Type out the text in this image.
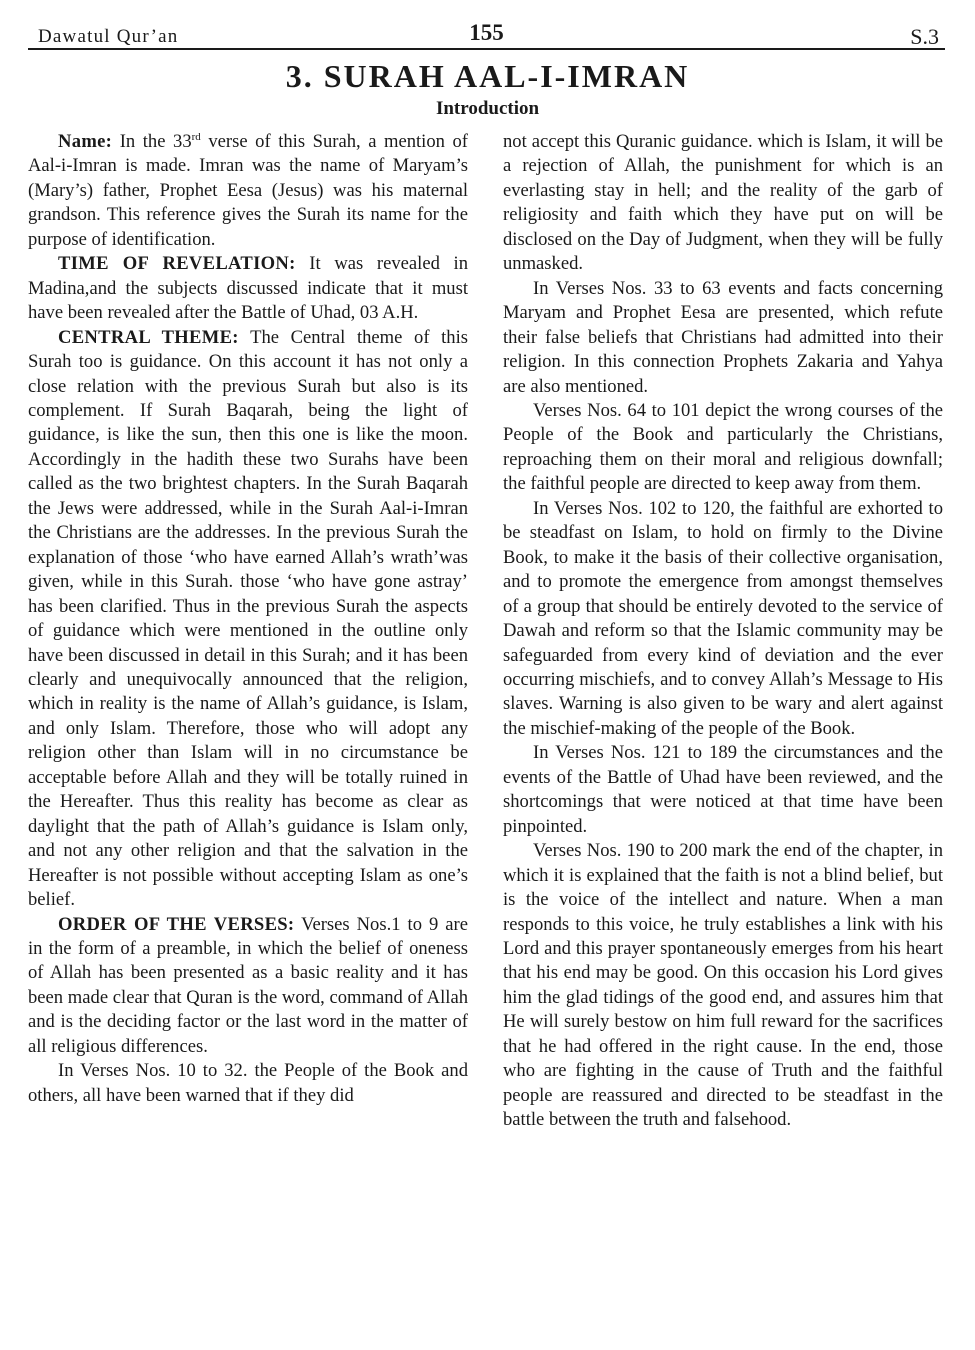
Dawatul Qur’an	155	S.3
3. SURAH AAL-I-IMRAN
Introduction

Name: In the 33rd verse of this Surah, a mention of Aal-i-Imran is made. Imran was the name of Maryam’s (Mary’s) father, Prophet Eesa (Jesus) was his maternal grandson. This reference gives the Surah its name for the purpose of identification.

TIME OF REVELATION: It was revealed in Madina,and the subjects discussed indicate that it must have been revealed after the Battle of Uhad, 03 A.H.

CENTRAL THEME: The Central theme of this Surah too is guidance. On this account it has not only a close relation with the previous Surah but also is its complement. If Surah Baqarah, being the light of guidance, is like the sun, then this one is like the moon. Accordingly in the hadith these two Surahs have been called as the two brightest chapters. In the Surah Baqarah the Jews were addressed, while in the Surah Aal-i-Imran the Christians are the addresses. In the previous Surah the explanation of those ‘who have earned Allah’s wrath’was given, while in this Surah. those ‘who have gone astray’ has been clarified. Thus in the previous Surah the aspects of guidance which were mentioned in the outline only have been discussed in detail in this Surah; and it has been clearly and unequivocally announced that the religion, which in reality is the name of Allah’s guidance, is Islam, and only Islam. Therefore, those who will adopt any religion other than Islam will in no circumstance be acceptable before Allah and they will be totally ruined in the Hereafter. Thus this reality has become as clear as daylight that the path of Allah’s guidance is Islam only, and not any other religion and that the salvation in the Hereafter is not possible without accepting Islam as one’s belief.

ORDER OF THE VERSES: Verses Nos.1 to 9 are in the form of a preamble, in which the belief of oneness of Allah has been presented as a basic reality and it has been made clear that Quran is the word, command of Allah and is the deciding factor or the last word in the matter of all religious differences.

In Verses Nos. 10 to 32. the People of the Book and others, all have been warned that if they did

not accept this Quranic guidance. which is Islam, it will be a rejection of Allah, the punishment for which is an everlasting stay in hell; and the reality of the garb of religiosity and faith which they have put on will be disclosed on the Day of Judgment, when they will be fully unmasked.

In Verses Nos. 33 to 63 events and facts concerning Maryam and Prophet Eesa are presented, which refute their false beliefs that Christians had admitted into their religion. In this connection Prophets Zakaria and Yahya are also mentioned.

Verses Nos. 64 to 101 depict the wrong courses of the People of the Book and particularly the Christians, reproaching them on their moral and religious downfall; the faithful people are directed to keep away from them.

In Verses Nos. 102 to 120, the faithful are exhorted to be steadfast on Islam, to hold on firmly to the Divine Book, to make it the basis of their collective organisation, and to promote the emergence from amongst themselves of a group that should be entirely devoted to the service of Dawah and reform so that the Islamic community may be safeguarded from every kind of deviation and the ever occurring mischiefs, and to convey Allah’s Message to His slaves. Warning is also given to be wary and alert against the mischief-making of the people of the Book.

In Verses Nos. 121 to 189 the circumstances and the events of the Battle of Uhad have been reviewed, and the shortcomings that were noticed at that time have been pinpointed.

Verses Nos. 190 to 200 mark the end of the chapter, in which it is explained that the faith is not a blind belief, but is the voice of the intellect and nature. When a man responds to this voice, he truly establishes a link with his Lord and this prayer spontaneously emerges from his heart that his end may be good. On this occasion his Lord gives him the glad tidings of the good end, and assures him that He will surely bestow on him full reward for the sacrifices that he had offered in the right cause. In the end, those who are fighting in the cause of Truth and the faithful people are reassured and directed to be steadfast in the battle between the truth and falsehood.
